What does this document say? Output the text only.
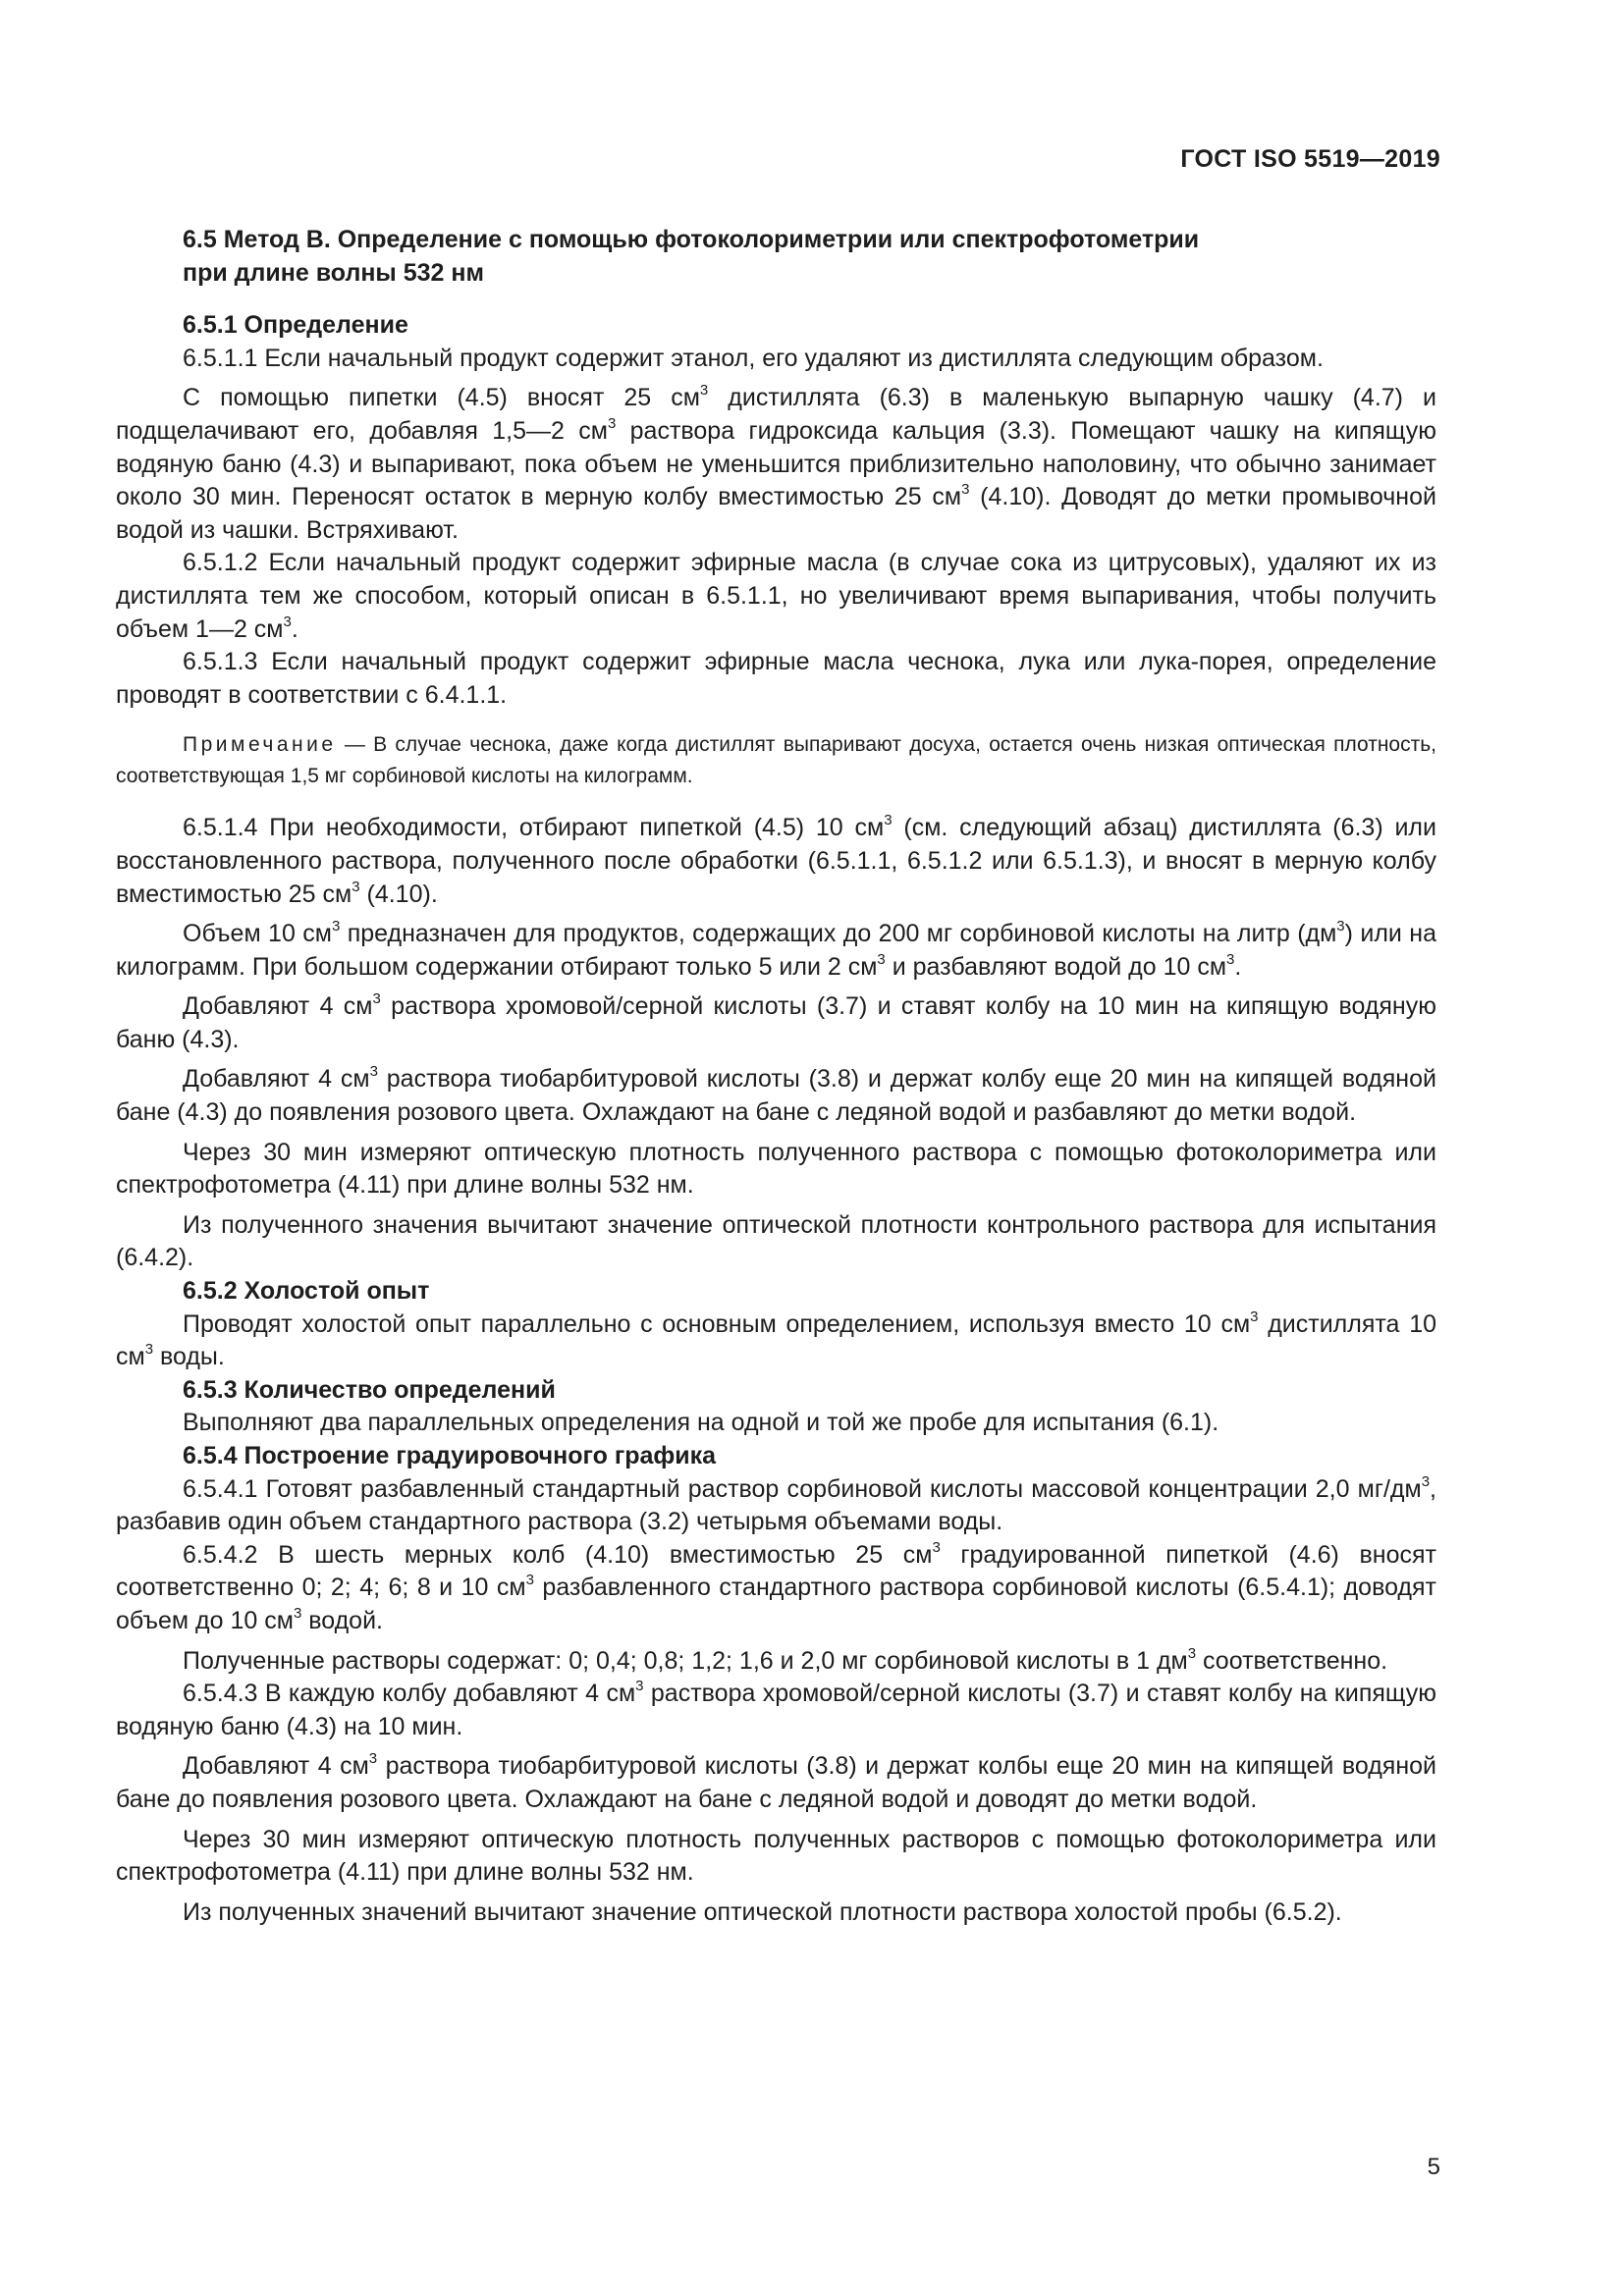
ГОСТ ISO 5519—2019

6.5 Метод В. Определение с помощью фотоколориметрии или спектрофотометрии
при длине волны 532 нм

6.5.1 Определение

6.5.1.1 Если начальный продукт содержит этанол, его удаляют из дистиллята следующим образом.

С помощью пипетки (4.5) вносят 25 $см^3$ дистиллята (6.3) в маленькую выпарную чашку (4.7) и подщелачивают его, добавляя 1,5—2 $см^3$ раствора гидроксида кальция (3.3). Помещают чашку на кипящую водяную баню (4.3) и выпаривают, пока объем не уменьшится приблизительно наполовину, что обычно занимает около 30 мин. Переносят остаток в мерную колбу вместимостью 25 $см^3$ (4.10). Доводят до метки промывочной водой из чашки. Встряхивают.

6.5.1.2 Если начальный продукт содержит эфирные масла (в случае сока из цитрусовых), удаляют их из дистиллята тем же способом, который описан в 6.5.1.1, но увеличивают время выпаривания, чтобы получить объем 1—2 $см^3$.

6.5.1.3 Если начальный продукт содержит эфирные масла чеснока, лука или лука-порея, определение проводят в соответствии с 6.4.1.1.

Примечание — В случае чеснока, даже когда дистиллят выпаривают досуха, остается очень низкая оптическая плотность, соответствующая 1,5 мг сорбиновой кислоты на килограмм.

6.5.1.4 При необходимости, отбирают пипеткой (4.5) 10 $см^3$ (см. следующий абзац) дистиллята (6.3) или восстановленного раствора, полученного после обработки (6.5.1.1, 6.5.1.2 или 6.5.1.3), и вносят в мерную колбу вместимостью 25 $см^3$ (4.10).

Объем 10 $см^3$ предназначен для продуктов, содержащих до 200 мг сорбиновой кислоты на литр $(дм^3)$ или на килограмм. При большом содержании отбирают только 5 или 2 $см^3$ и разбавляют водой до 10 $см^3$.

Добавляют 4 $см^3$ раствора хромовой/серной кислоты (3.7) и ставят колбу на 10 мин на кипящую водяную баню (4.3).

Добавляют 4 $см^3$ раствора тиобарбитуровой кислоты (3.8) и держат колбу еще 20 мин на кипящей водяной бане (4.3) до появления розового цвета. Охлаждают на бане с ледяной водой и разбавляют до метки водой.

Через 30 мин измеряют оптическую плотность полученного раствора с помощью фотоколориметра или спектрофотометра (4.11) при длине волны 532 нм.

Из полученного значения вычитают значение оптической плотности контрольного раствора для испытания (6.4.2).

6.5.2 Холостой опыт

Проводят холостой опыт параллельно с основным определением, используя вместо 10 $см^3$ дистиллята 10 $см^3$ воды.

6.5.3 Количество определений

Выполняют два параллельных определения на одной и той же пробе для испытания (6.1).

6.5.4 Построение градуировочного графика

6.5.4.1 Готовят разбавленный стандартный раствор сорбиновой кислоты массовой концентрации 2,0 $мг/дм^3$, разбавив один объем стандартного раствора (3.2) четырьмя объемами воды.

6.5.4.2 В шесть мерных колб (4.10) вместимостью 25 $см^3$ градуированной пипеткой (4.6) вносят соответственно 0; 2; 4; 6; 8 и 10 $см^3$ разбавленного стандартного раствора сорбиновой кислоты (6.5.4.1); доводят объем до 10 $см^3$ водой.

Полученные растворы содержат: 0; 0,4; 0,8; 1,2; 1,6 и 2,0 мг сорбиновой кислоты в 1 $дм^3$ соответственно.

6.5.4.3 В каждую колбу добавляют 4 $см^3$ раствора хромовой/серной кислоты (3.7) и ставят колбу на кипящую водяную баню (4.3) на 10 мин.

Добавляют 4 $см^3$ раствора тиобарбитуровой кислоты (3.8) и держат колбы еще 20 мин на кипящей водяной бане до появления розового цвета. Охлаждают на бане с ледяной водой и доводят до метки водой.

Через 30 мин измеряют оптическую плотность полученных растворов с помощью фотоколориметра или спектрофотометра (4.11) при длине волны 532 нм.

Из полученных значений вычитают значение оптической плотности раствора холостой пробы (6.5.2).

5
